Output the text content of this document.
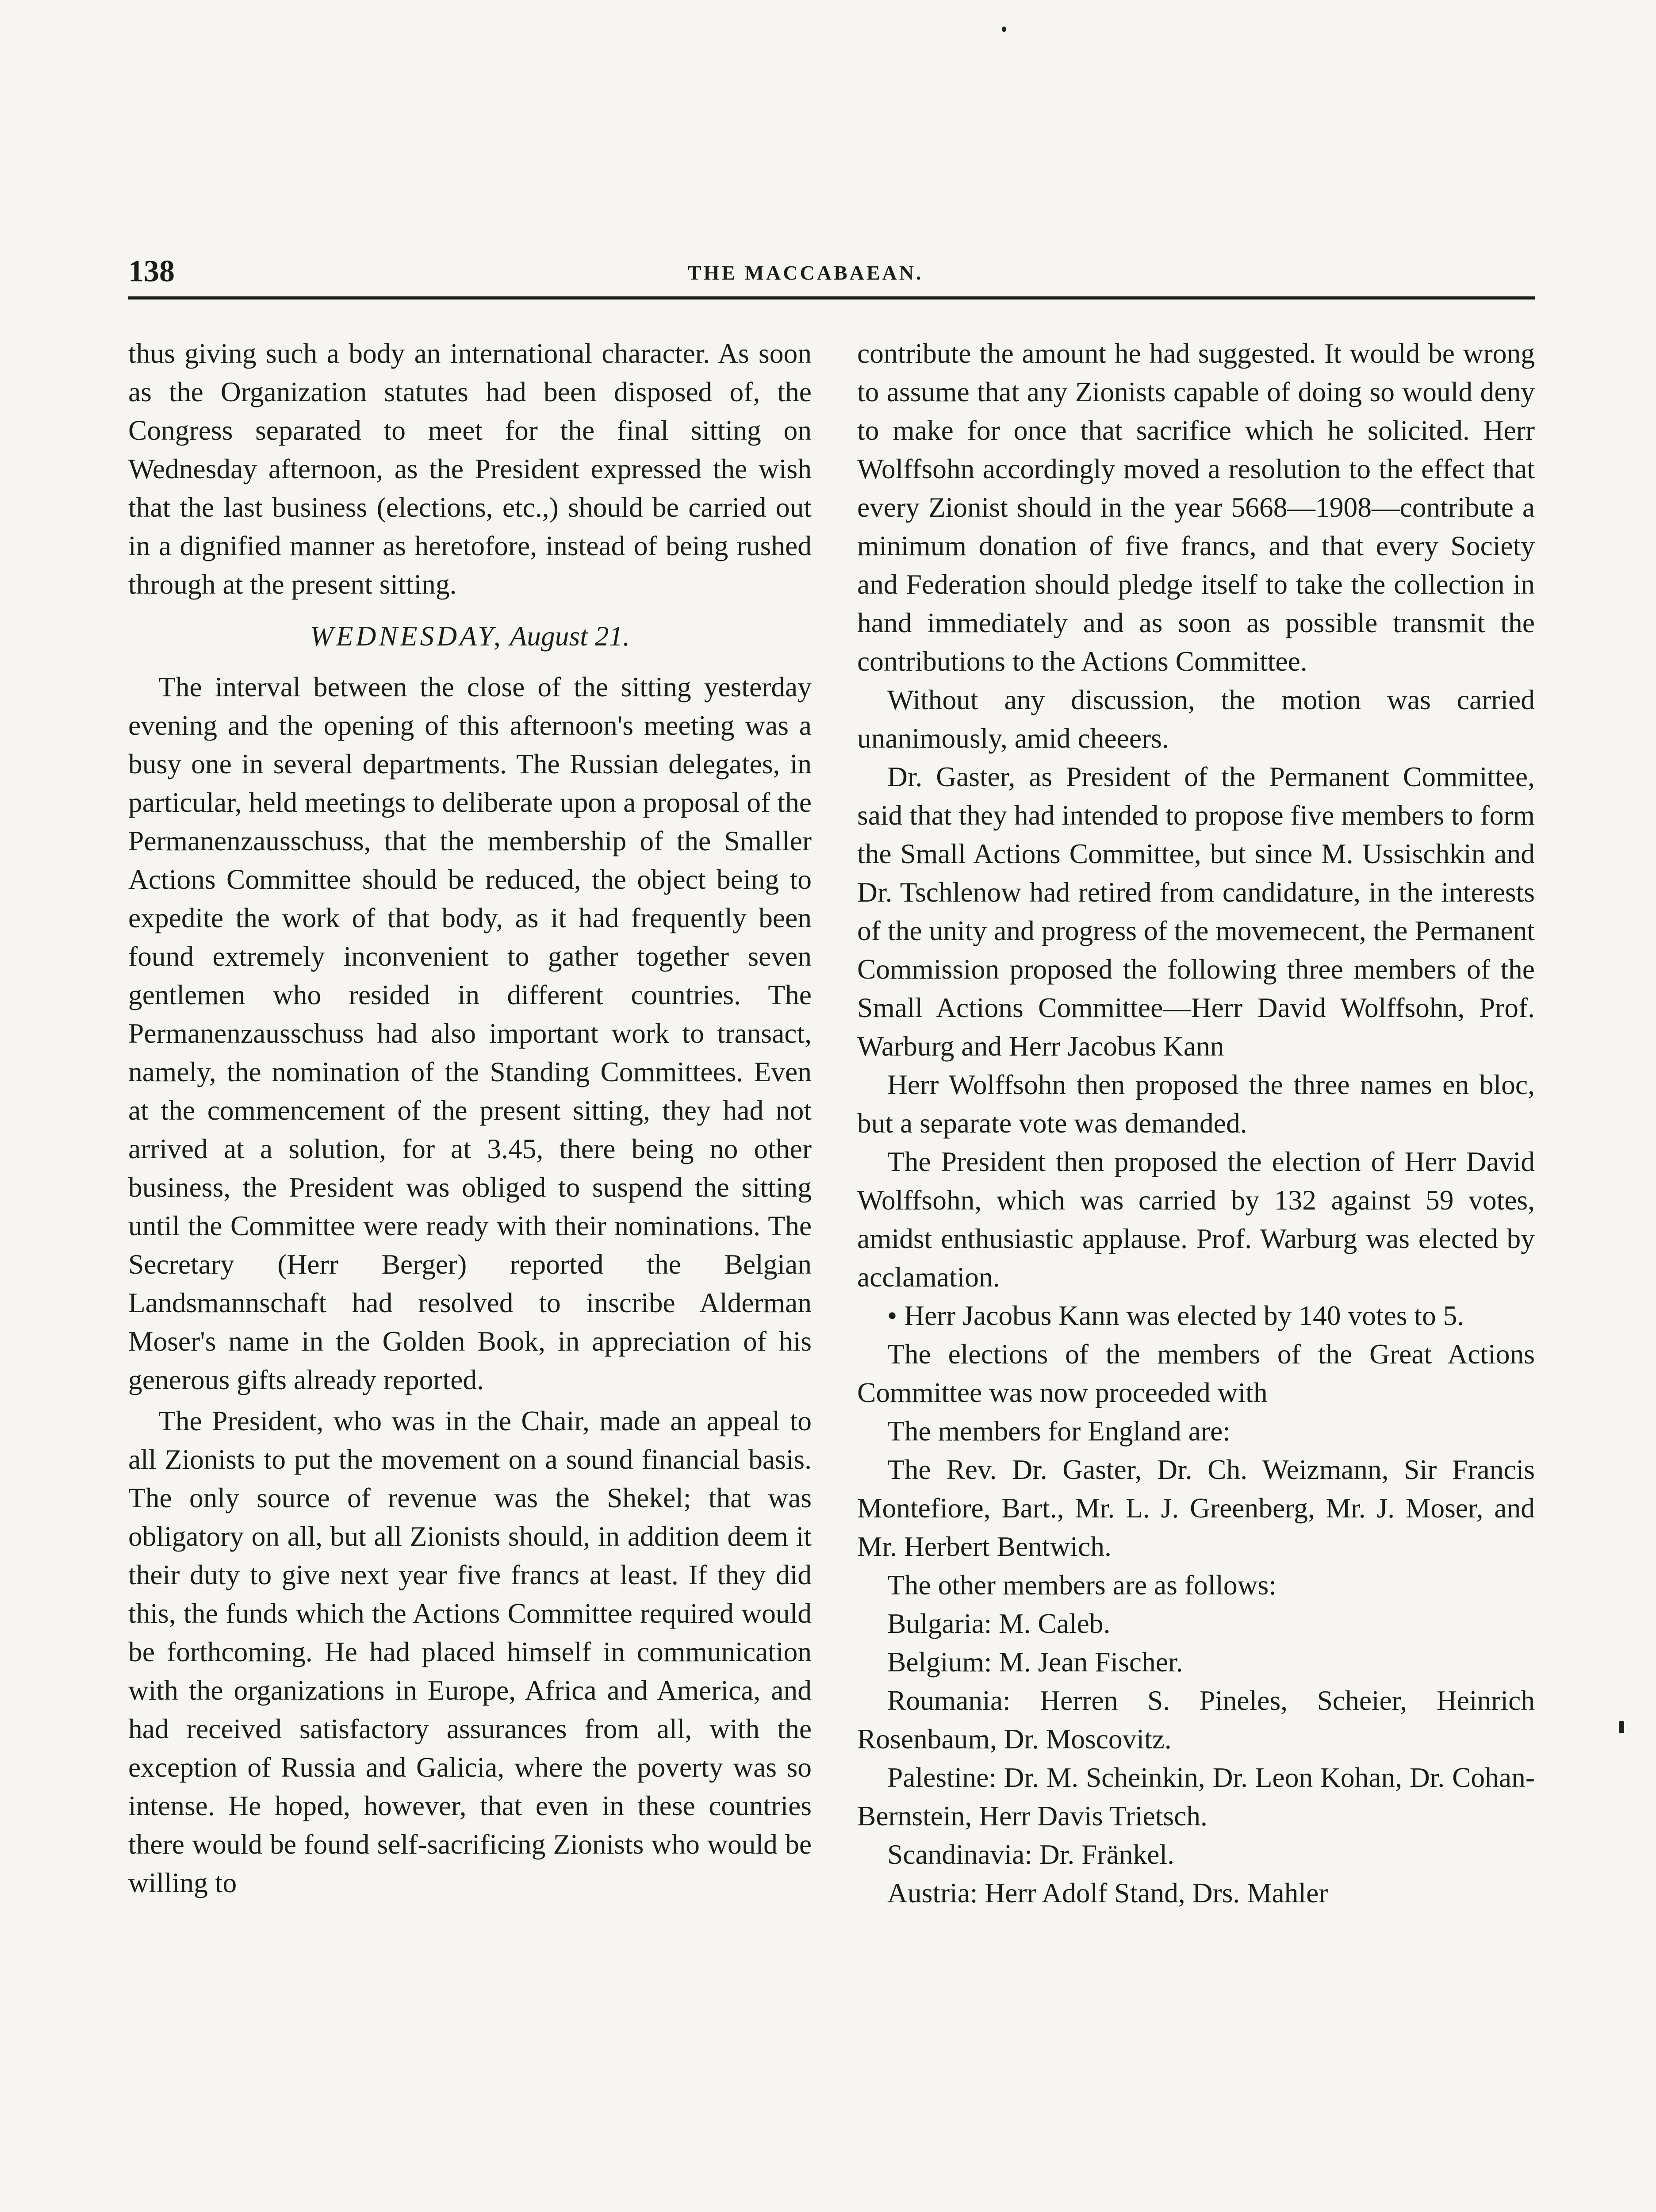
138	THE MACCABAEAN.

thus giving such a body an international character. As soon as the Organization statutes had been disposed of, the Congress separated to meet for the final sitting on Wednesday afternoon, as the President expressed the wish that the last business (elections, etc.,) should be carried out in a dignified manner as heretofore, instead of being rushed through at the present sitting.

WEDNESDAY, August 21.

The interval between the close of the sitting yesterday evening and the opening of this afternoon's meeting was a busy one in several departments. The Russian delegates, in particular, held meetings to deliberate upon a proposal of the Permanenzausschuss, that the membership of the Smaller Actions Committee should be reduced, the object being to expedite the work of that body, as it had frequently been found extremely inconvenient to gather together seven gentlemen who resided in different countries. The Permanenzausschuss had also important work to transact, namely, the nomination of the Standing Committees. Even at the commencement of the present sitting, they had not arrived at a solution, for at 3.45, there being no other business, the President was obliged to suspend the sitting until the Committee were ready with their nominations. The Secretary (Herr Berger) reported the Belgian Landsmannschaft had resolved to inscribe Alderman Moser's name in the Golden Book, in appreciation of his generous gifts already reported.

The President, who was in the Chair, made an appeal to all Zionists to put the movement on a sound financial basis. The only source of revenue was the Shekel; that was obligatory on all, but all Zionists should, in addition deem it their duty to give next year five francs at least. If they did this, the funds which the Actions Committee required would be forthcoming. He had placed himself in communication with the organizations in Europe, Africa and America, and had received satisfactory assurances from all, with the exception of Russia and Galicia, where the poverty was so intense. He hoped, however, that even in these countries there would be found self-sacrificing Zionists who would be willing to

contribute the amount he had suggested. It would be wrong to assume that any Zionists capable of doing so would deny to make for once that sacrifice which he solicited. Herr Wolffsohn accordingly moved a resolution to the effect that every Zionist should in the year 5668—1908—contribute a minimum donation of five francs, and that every Society and Federation should pledge itself to take the collection in hand immediately and as soon as possible transmit the contributions to the Actions Committee.

Without any discussion, the motion was carried unanimously, amid cheeers.

Dr. Gaster, as President of the Permanent Committee, said that they had intended to propose five members to form the Small Actions Committee, but since M. Ussischkin and Dr. Tschlenow had retired from candidature, in the interests of the unity and progress of the movemecent, the Permanent Commission proposed the following three members of the Small Actions Committee—Herr David Wolffsohn, Prof. Warburg and Herr Jacobus Kann

Herr Wolffsohn then proposed the three names en bloc, but a separate vote was demanded.

The President then proposed the election of Herr David Wolffsohn, which was carried by 132 against 59 votes, amidst enthusiastic applause. Prof. Warburg was elected by acclamation.

• Herr Jacobus Kann was elected by 140 votes to 5.

The elections of the members of the Great Actions Committee was now proceeded with

The members for England are:

The Rev. Dr. Gaster, Dr. Ch. Weizmann, Sir Francis Montefiore, Bart., Mr. L. J. Greenberg, Mr. J. Moser, and Mr. Herbert Bentwich.

The other members are as follows:

Bulgaria: M. Caleb.

Belgium: M. Jean Fischer.

Roumania: Herren S. Pineles, Scheier, Heinrich Rosenbaum, Dr. Moscovitz.

Palestine: Dr. M. Scheinkin, Dr. Leon Kohan, Dr. Cohan-Bernstein, Herr Davis Trietsch.

Scandinavia: Dr. Fränkel.

Austria: Herr Adolf Stand, Drs. Mahler
